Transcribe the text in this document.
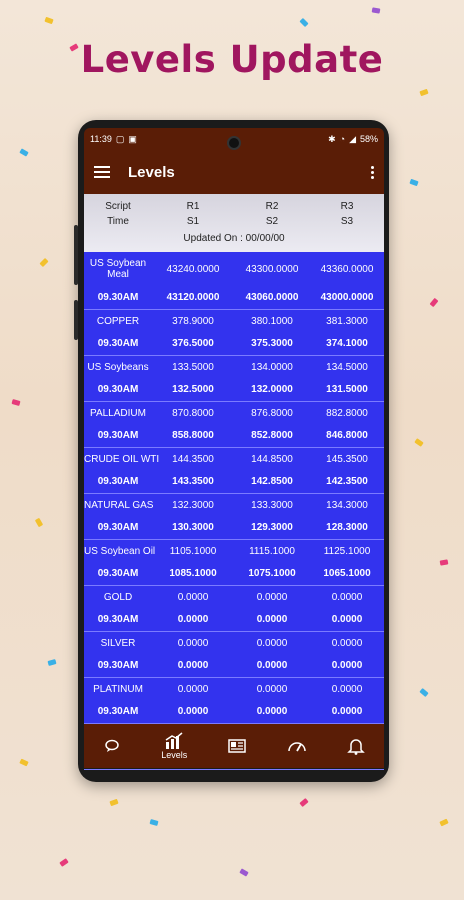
Levels Update
11:39 ▢ ▣	✱ ◔ ◢ 58%
Levels
Script	R1	R2	R3
Time	S1	S2	S3
Updated On : 00/00/00
US Soybean Meal	43240.0000	43300.0000	43360.0000
09.30AM	43120.0000	43060.0000	43000.0000
COPPER	378.9000	380.1000	381.3000
09.30AM	376.5000	375.3000	374.1000
US Soybeans	133.5000	134.0000	134.5000
09.30AM	132.5000	132.0000	131.5000
PALLADIUM	870.8000	876.8000	882.8000
09.30AM	858.8000	852.8000	846.8000
CRUDE OIL WTI	144.3500	144.8500	145.3500
09.30AM	143.3500	142.8500	142.3500
NATURAL GAS	132.3000	133.3000	134.3000
09.30AM	130.3000	129.3000	128.3000
US Soybean Oil	1105.1000	1115.1000	1125.1000
09.30AM	1085.1000	1075.1000	1065.1000
GOLD	0.0000	0.0000	0.0000
09.30AM	0.0000	0.0000	0.0000
SILVER	0.0000	0.0000	0.0000
09.30AM	0.0000	0.0000	0.0000
PLATINUM	0.0000	0.0000	0.0000
09.30AM	0.0000	0.0000	0.0000
Levels
